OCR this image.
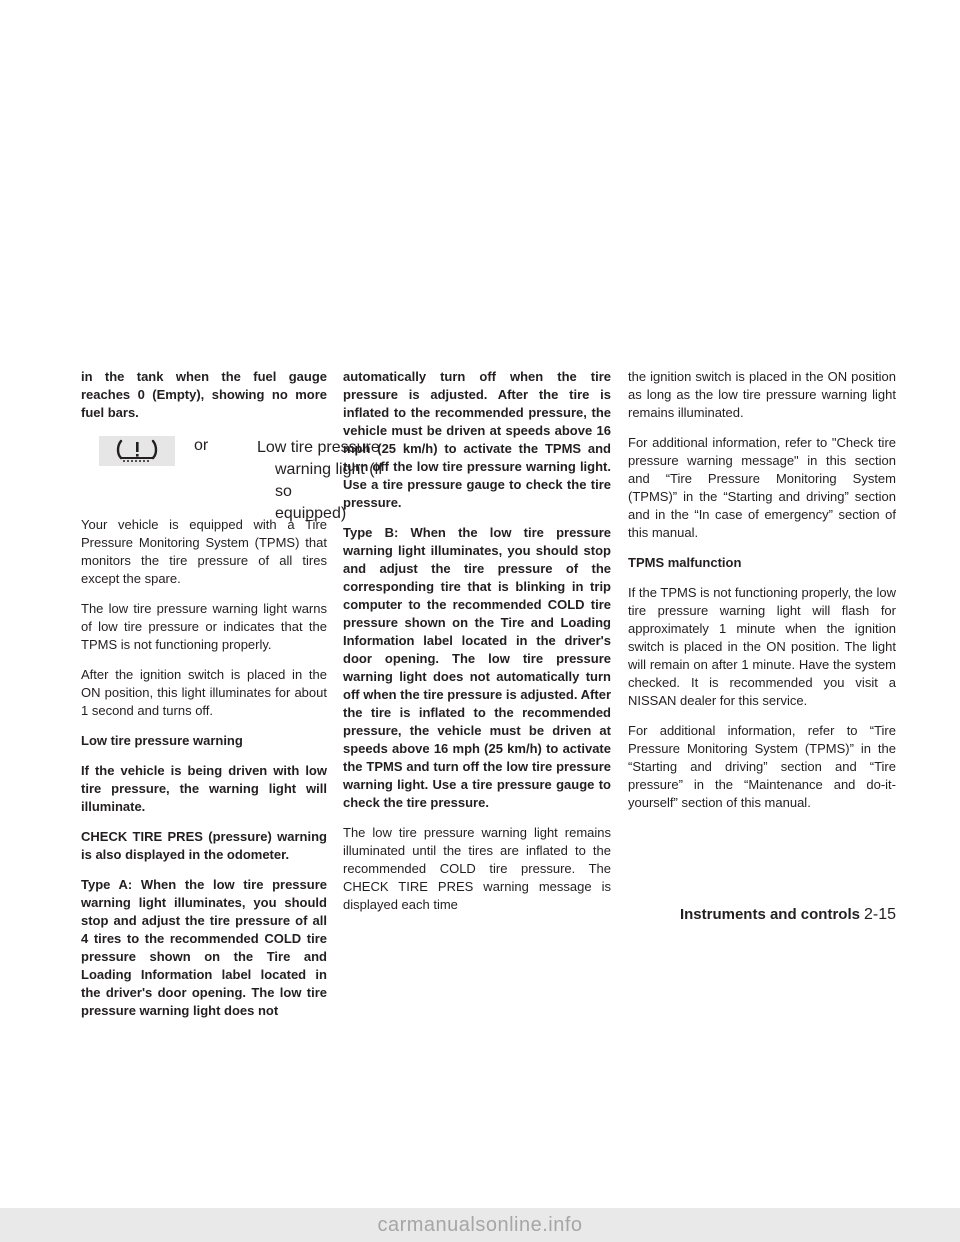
in the tank when the fuel gauge reaches 0 (Empty), showing no more fuel bars.

or	Low tire pressure
warning light (if so
equipped)

Your vehicle is equipped with a Tire Pressure Monitoring System (TPMS) that monitors the tire pressure of all tires except the spare.

The low tire pressure warning light warns of low tire pressure or indicates that the TPMS is not functioning properly.

After the ignition switch is placed in the ON position, this light illuminates for about 1 second and turns off.

Low tire pressure warning

If the vehicle is being driven with low tire pressure, the warning light will illuminate.

CHECK TIRE PRES (pressure) warning is also displayed in the odometer.

Type A: When the low tire pressure warning light illuminates, you should stop and adjust the tire pressure of all 4 tires to the recommended COLD tire pressure shown on the Tire and Loading Information label located in the driver's door opening. The low tire pressure warning light does not

automatically turn off when the tire pressure is adjusted. After the tire is inflated to the recommended pressure, the vehicle must be driven at speeds above 16 mph (25 km/h) to activate the TPMS and turn off the low tire pressure warning light. Use a tire pressure gauge to check the tire pressure.

Type B: When the low tire pressure warning light illuminates, you should stop and adjust the tire pressure of the corresponding tire that is blinking in trip computer to the recommended COLD tire pressure shown on the Tire and Loading Information label located in the driver's door opening. The low tire pressure warning light does not automatically turn off when the tire pressure is adjusted. After the tire is inflated to the recommended pressure, the vehicle must be driven at speeds above 16 mph (25 km/h) to activate the TPMS and turn off the low tire pressure warning light. Use a tire pressure gauge to check the tire pressure.

The low tire pressure warning light remains illuminated until the tires are inflated to the recommended COLD tire pressure. The CHECK TIRE PRES warning message is displayed each time

the ignition switch is placed in the ON position as long as the low tire pressure warning light remains illuminated.

For additional information, refer to "Check tire pressure warning message" in this section and “Tire Pressure Monitoring System (TPMS)” in the “Starting and driving” section and in the “In case of emergency” section of this manual.

TPMS malfunction

If the TPMS is not functioning properly, the low tire pressure warning light will flash for approximately 1 minute when the ignition switch is placed in the ON position. The light will remain on after 1 minute. Have the system checked. It is recommended you visit a NISSAN dealer for this service.

For additional information, refer to “Tire Pressure Monitoring System (TPMS)” in the “Starting and driving” section and “Tire pressure” in the “Maintenance and do-it-yourself” section of this manual.

Instruments and controls 2-15
carmanualsonline.info
